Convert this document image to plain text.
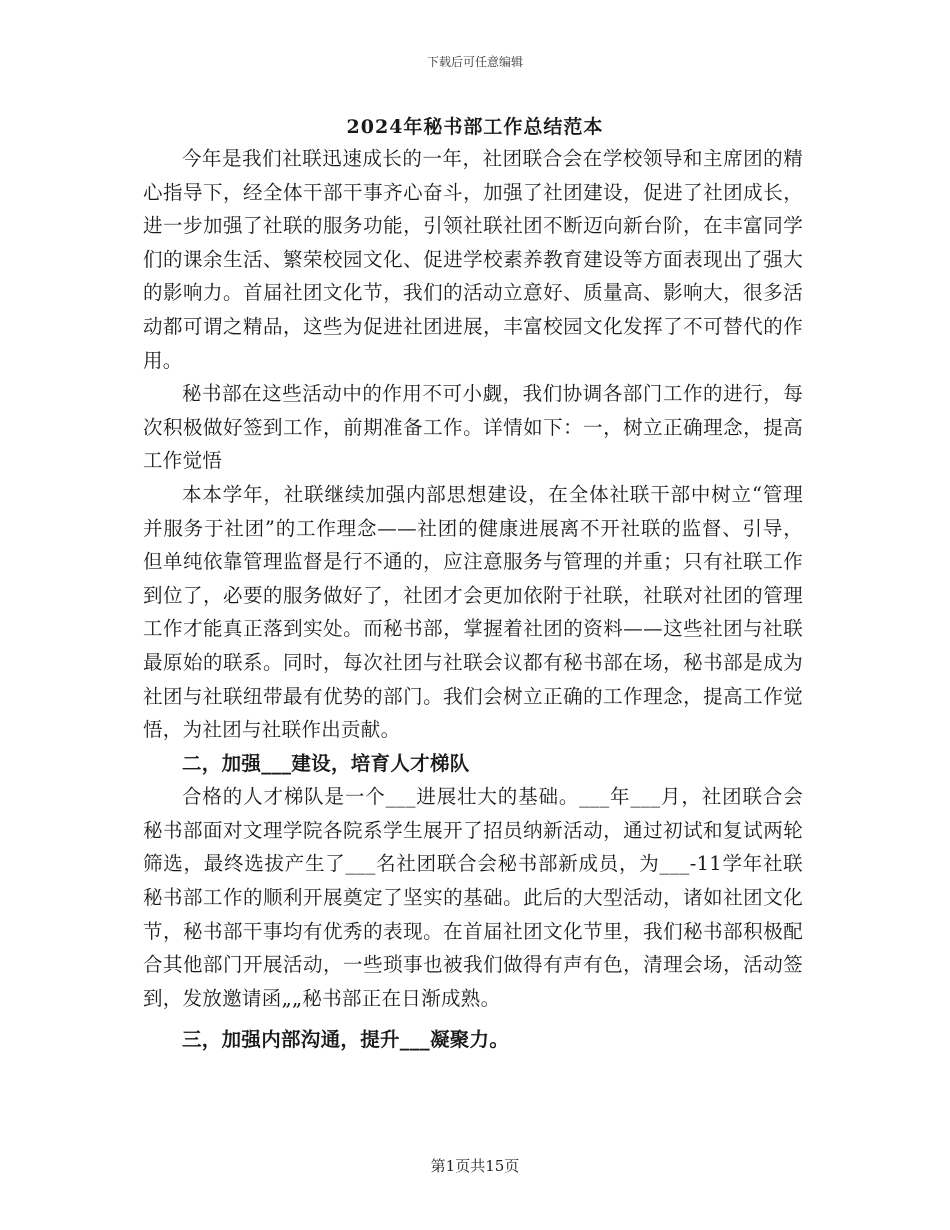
下载后可任意编辑
2024年秘书部工作总结范本

今年是我们社联迅速成长的一年，社团联合会在学校领导和主席团的精心指导下，经全体干部干事齐心奋斗，加强了社团建设，促进了社团成长，进一步加强了社联的服务功能，引领社联社团不断迈向新台阶，在丰富同学们的课余生活、繁荣校园文化、促进学校素养教育建设等方面表现出了强大的影响力。首届社团文化节，我们的活动立意好、质量高、影响大，很多活动都可谓之精品，这些为促进社团进展，丰富校园文化发挥了不可替代的作用。

秘书部在这些活动中的作用不可小觑，我们协调各部门工作的进行，每次积极做好签到工作，前期准备工作。详情如下：一，树立正确理念，提高工作觉悟

本本学年，社联继续加强内部思想建设，在全体社联干部中树立“管理并服务于社团”的工作理念——社团的健康进展离不开社联的监督、引导，但单纯依靠管理监督是行不通的，应注意服务与管理的并重；只有社联工作到位了，必要的服务做好了，社团才会更加依附于社联，社联对社团的管理工作才能真正落到实处。而秘书部，掌握着社团的资料——这些社团与社联最原始的联系。同时，每次社团与社联会议都有秘书部在场，秘书部是成为社团与社联纽带最有优势的部门。我们会树立正确的工作理念，提高工作觉悟，为社团与社联作出贡献。

二，加强___建设，培育人才梯队

合格的人才梯队是一个___进展壮大的基础。___年___月，社团联合会秘书部面对文理学院各院系学生展开了招员纳新活动，通过初试和复试两轮筛选，最终选拔产生了___名社团联合会秘书部新成员，为___-11学年社联秘书部工作的顺利开展奠定了坚实的基础。此后的大型活动，诸如社团文化节，秘书部干事均有优秀的表现。在首届社团文化节里，我们秘书部积极配合其他部门开展活动，一些琐事也被我们做得有声有色，清理会场，活动签到，发放邀请函„„秘书部正在日渐成熟。

三，加强内部沟通，提升___凝聚力。

第1页共15页
